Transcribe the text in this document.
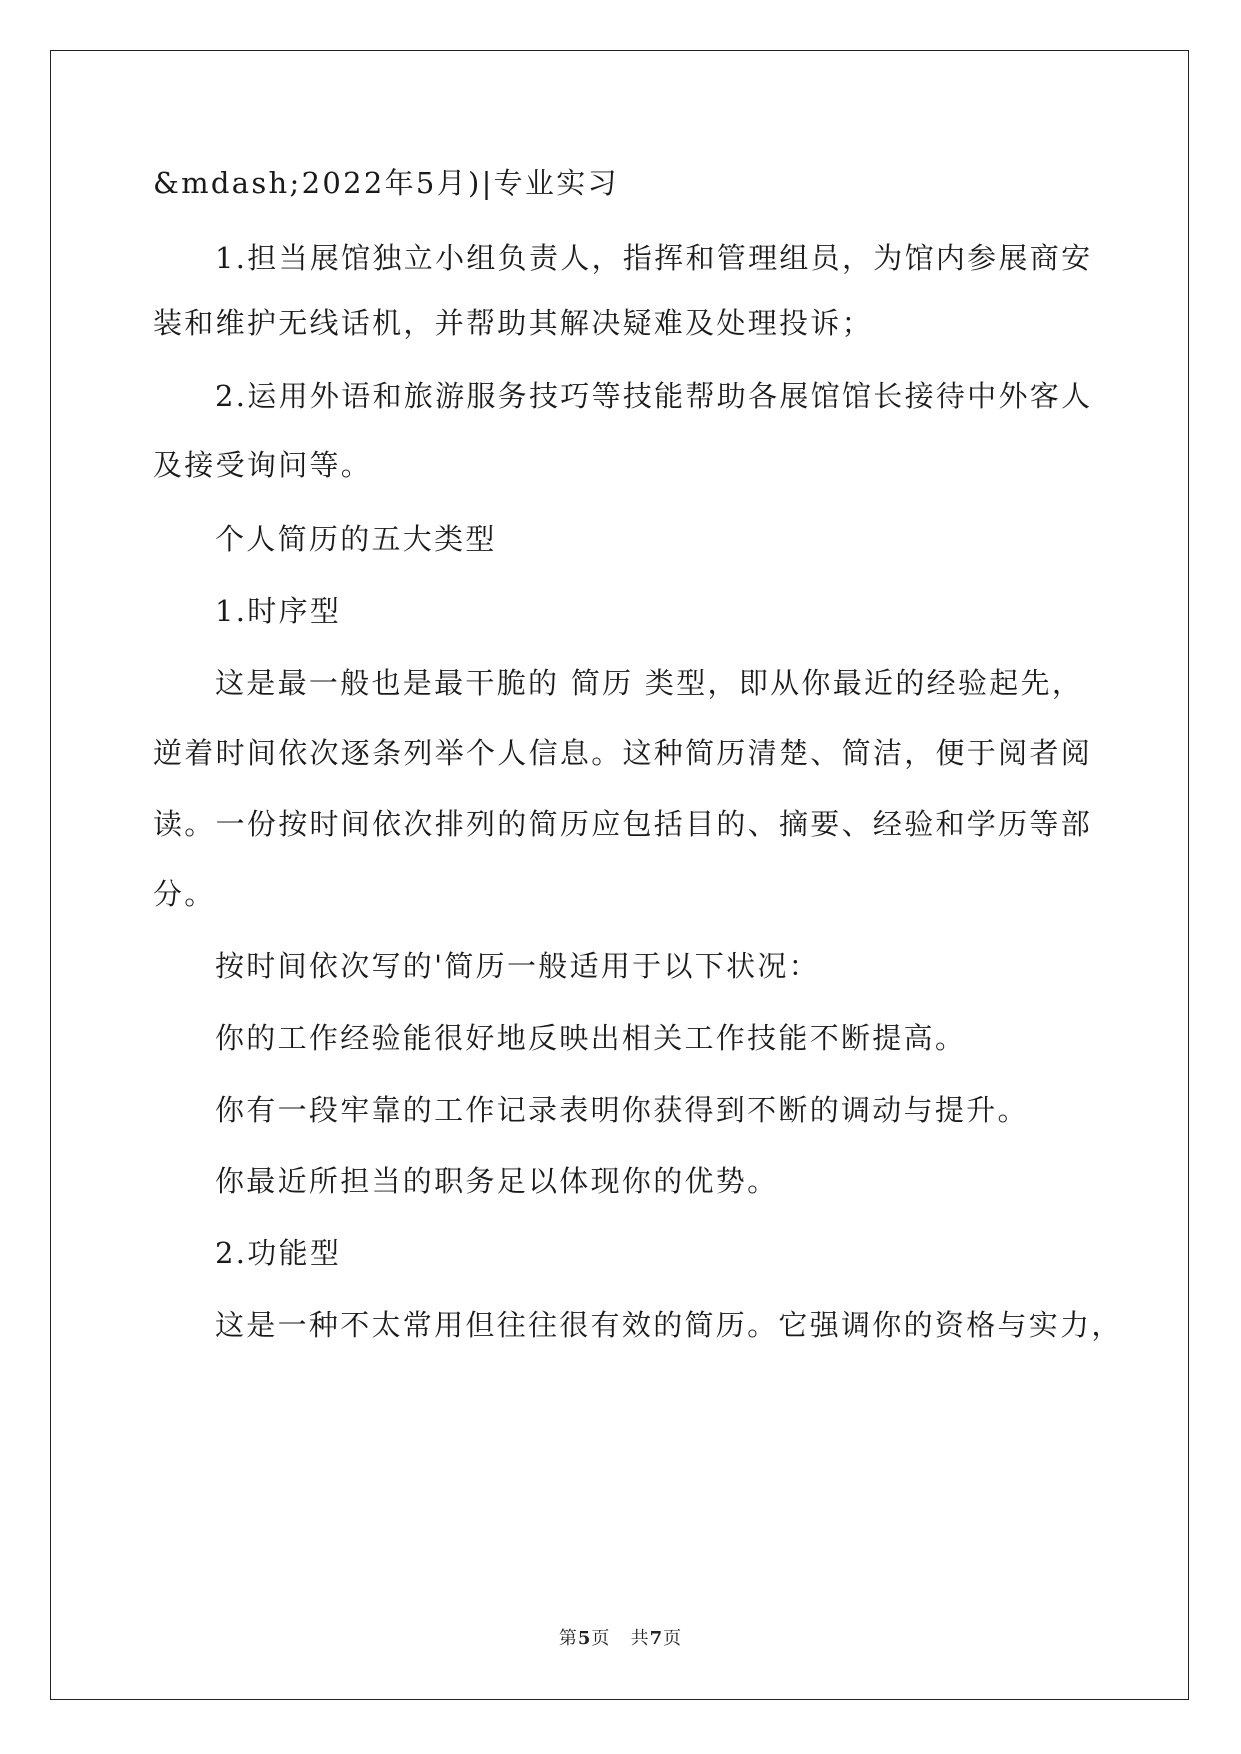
&mdash;2022年5月)|专业实习
1.担当展馆独立小组负责人，指挥和管理组员，为馆内参展商安
装和维护无线话机，并帮助其解决疑难及处理投诉；
2.运用外语和旅游服务技巧等技能帮助各展馆馆长接待中外客人
及接受询问等。
个人简历的五大类型
1.时序型
这是最一般也是最干脆的 简历 类型，即从你最近的经验起先，
逆着时间依次逐条列举个人信息。这种简历清楚、简洁，便于阅者阅
读。一份按时间依次排列的简历应包括目的、摘要、经验和学历等部
分。
按时间依次写的'简历一般适用于以下状况：
你的工作经验能很好地反映出相关工作技能不断提高。
你有一段牢靠的工作记录表明你获得到不断的调动与提升。
你最近所担当的职务足以体现你的优势。
2.功能型
这是一种不太常用但往往很有效的简历。它强调你的资格与实力，
第5页 共7页
